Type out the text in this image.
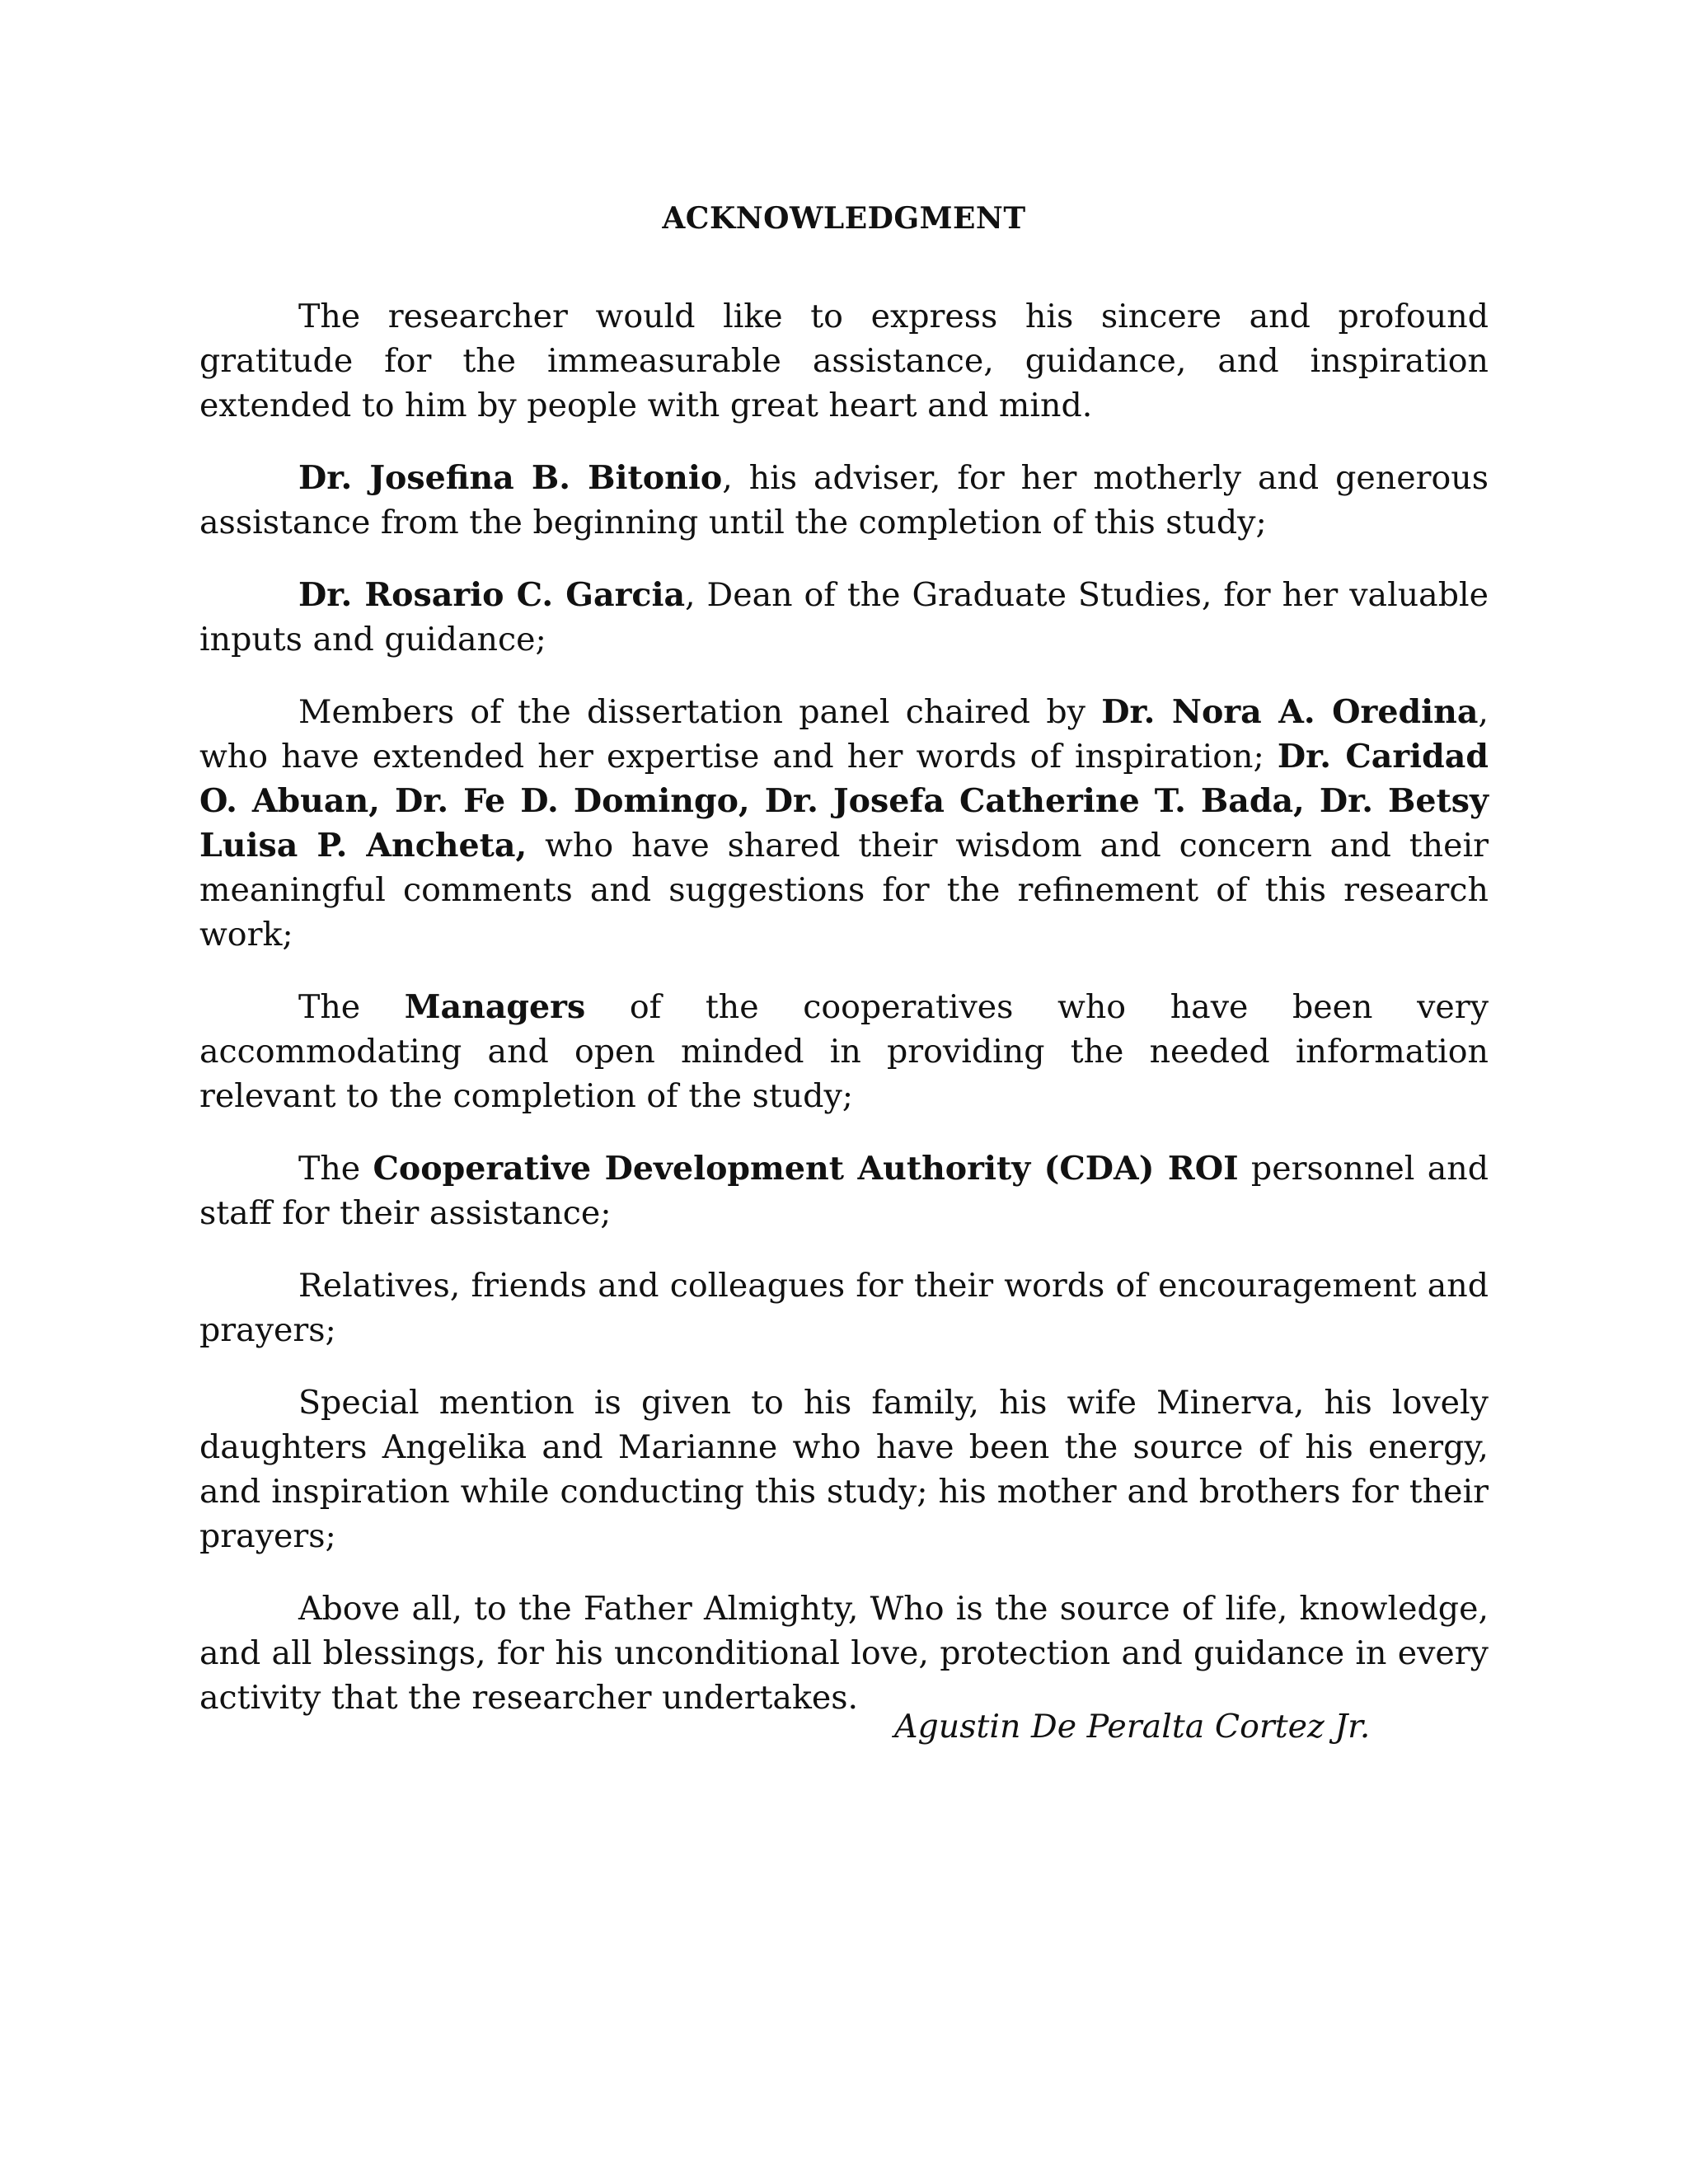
ACKNOWLEDGMENT

The researcher would like to express his sincere and profound gratitude for the immeasurable assistance, guidance, and inspiration extended to him by people with great heart and mind.

Dr. Josefina B. Bitonio, his adviser, for her motherly and generous assistance from the beginning until the completion of this study;

Dr. Rosario C. Garcia, Dean of the Graduate Studies, for her valuable inputs and guidance;

Members of the dissertation panel chaired by Dr. Nora A. Oredina, who have extended her expertise and her words of inspiration; Dr. Caridad O. Abuan, Dr. Fe D. Domingo, Dr. Josefa Catherine T. Bada, Dr. Betsy Luisa P. Ancheta, who have shared their wisdom and concern and their meaningful comments and suggestions for the refinement of this research work;

The Managers of the cooperatives who have been very accommodating and open minded in providing the needed information relevant to the completion of the study;

The Cooperative Development Authority (CDA) ROI personnel and staff for their assistance;

Relatives, friends and colleagues for their words of encouragement and prayers;

Special mention is given to his family, his wife Minerva, his lovely daughters Angelika and Marianne who have been the source of his energy, and inspiration while conducting this study; his mother and brothers for their prayers;

Above all, to the Father Almighty, Who is the source of life, knowledge, and all blessings, for his unconditional love, protection and guidance in every activity that the researcher undertakes.

Agustin De Peralta Cortez Jr.
